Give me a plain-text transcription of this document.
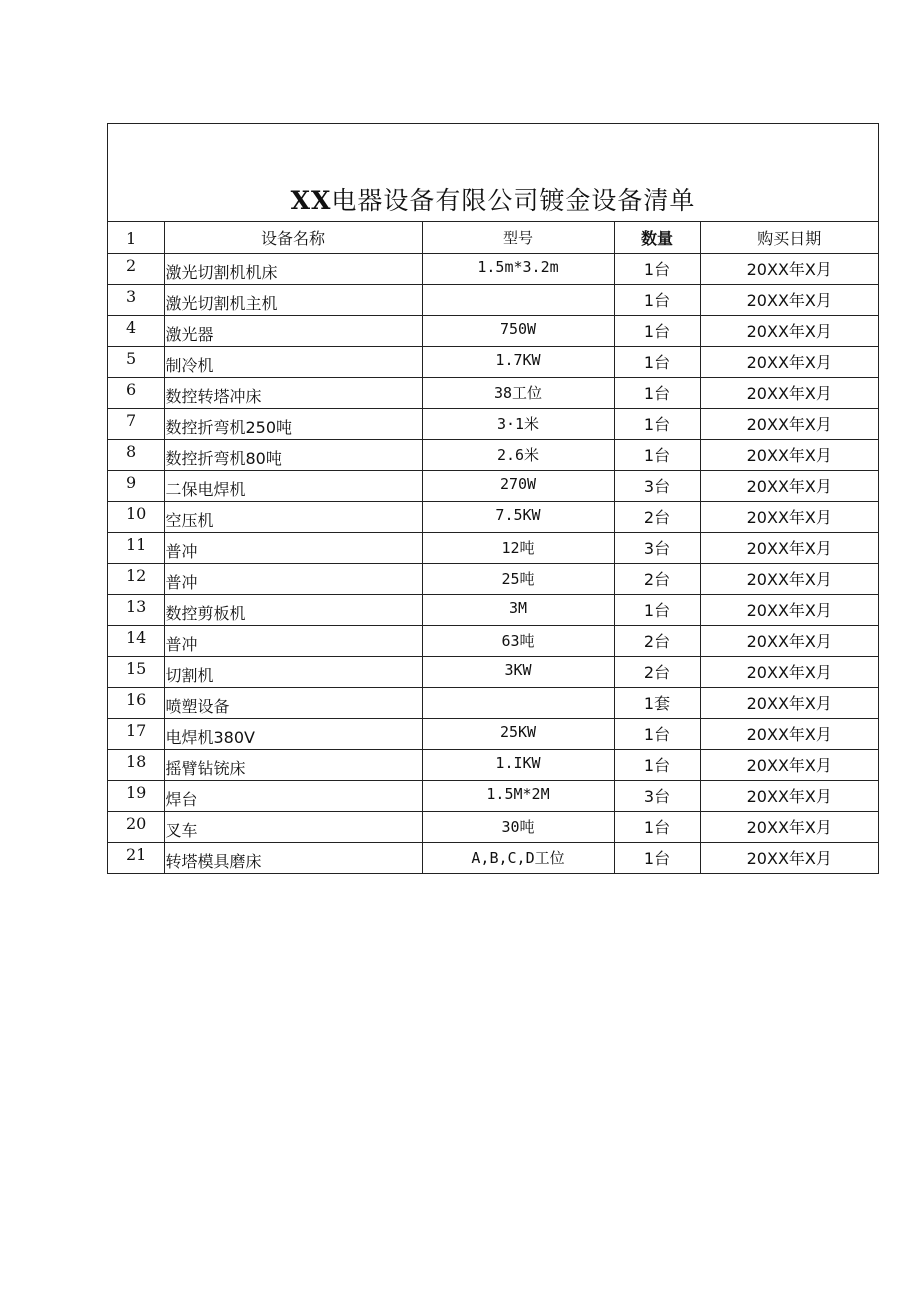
XX电器设备有限公司镀金设备清单
1	设备名称	型号	数量	购买日期
2	激光切割机机床	1.5m*3.2m	1台	20XX年X月
3	激光切割机主机		1台	20XX年X月
4	激光器	750W	1台	20XX年X月
5	制冷机	1.7KW	1台	20XX年X月
6	数控转塔冲床	38工位	1台	20XX年X月
7	数控折弯机250吨	3·1米	1台	20XX年X月
8	数控折弯机80吨	2.6米	1台	20XX年X月
9	二保电焊机	270W	3台	20XX年X月
10	空压机	7.5KW	2台	20XX年X月
11	普冲	12吨	3台	20XX年X月
12	普冲	25吨	2台	20XX年X月
13	数控剪板机	3M	1台	20XX年X月
14	普冲	63吨	2台	20XX年X月
15	切割机	3KW	2台	20XX年X月
16	喷塑设备		1套	20XX年X月
17	电焊机380V	25KW	1台	20XX年X月
18	摇臂钻铳床	1.IKW	1台	20XX年X月
19	焊台	1.5M*2M	3台	20XX年X月
20	叉车	30吨	1台	20XX年X月
21	转塔模具磨床	A,B,C,D工位	1台	20XX年X月
